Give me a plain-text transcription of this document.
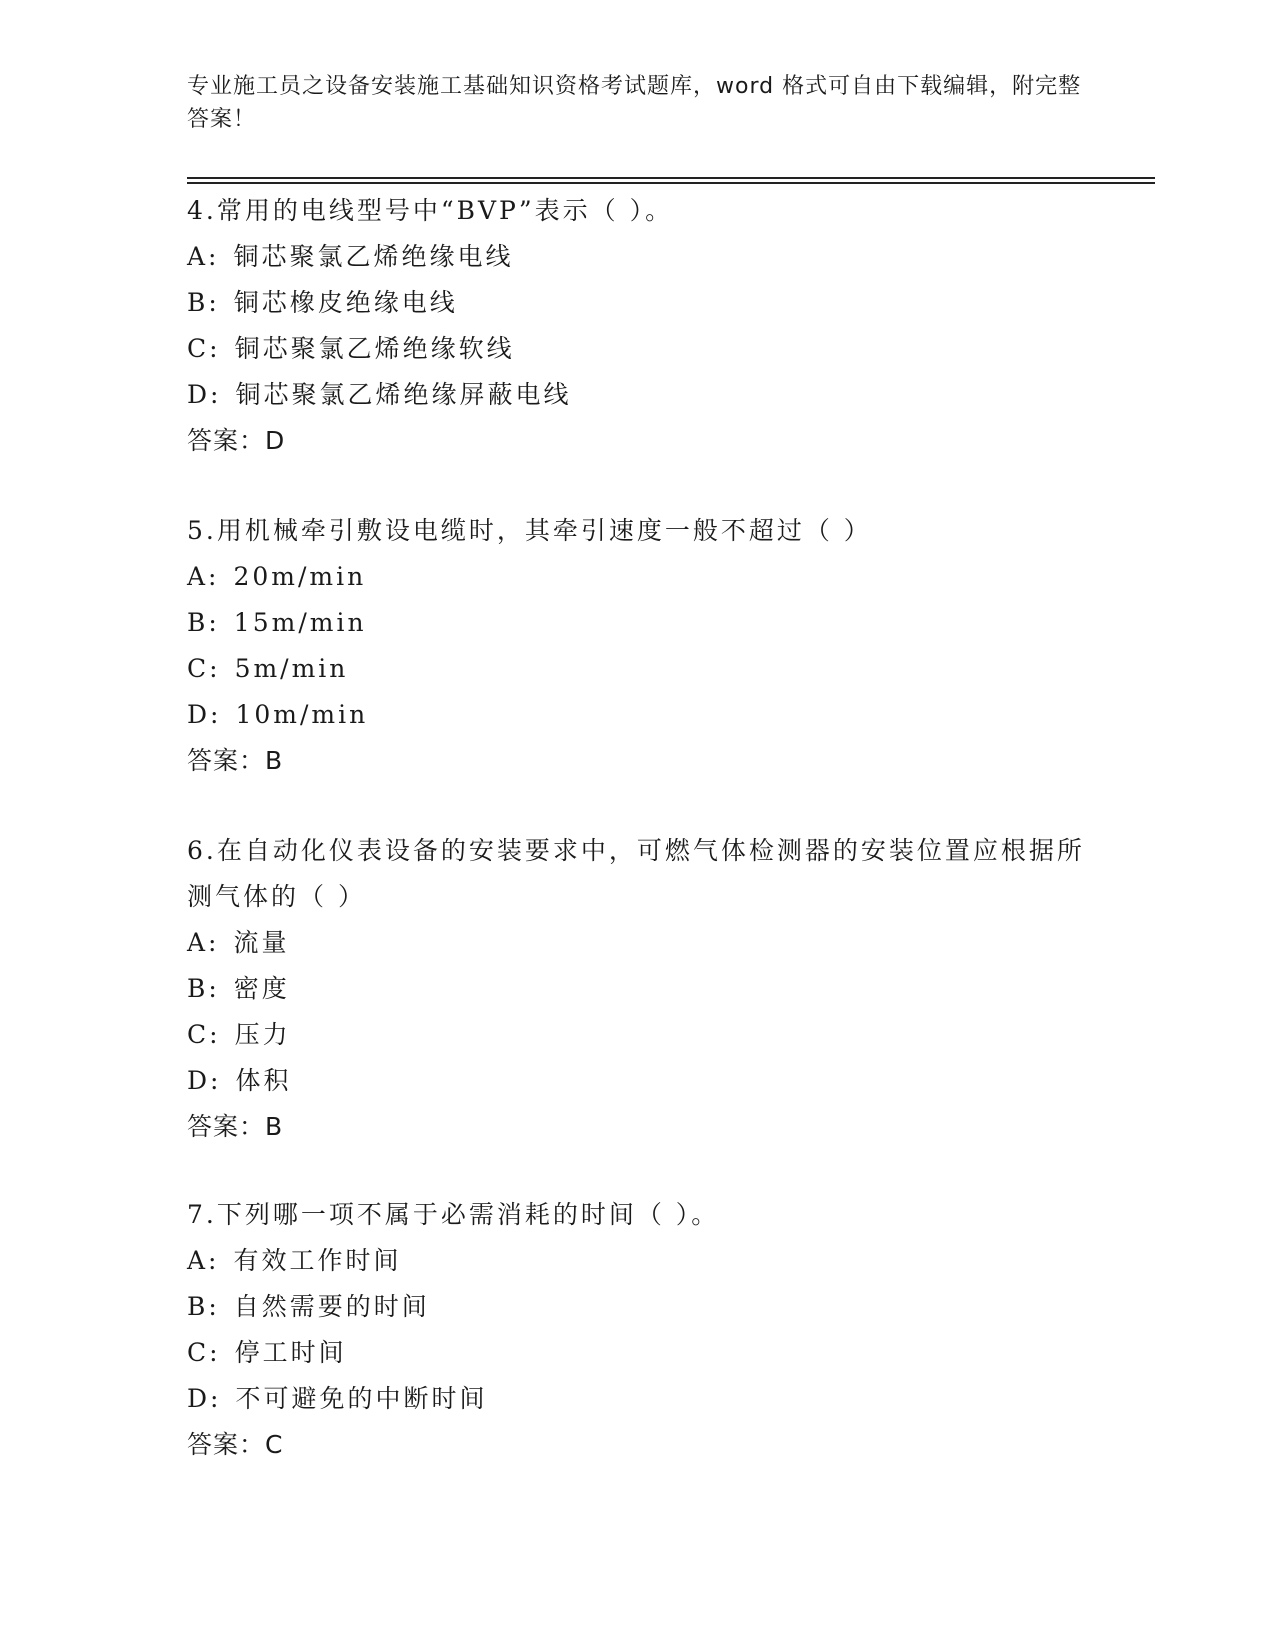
专业施工员之设备安装施工基础知识资格考试题库，word 格式可自由下载编辑，附完整答案！

4.常用的电线型号中“BVP”表示（ ）。

A: 铜芯聚氯乙烯绝缘电线
B: 铜芯橡皮绝缘电线
C: 铜芯聚氯乙烯绝缘软线
D: 铜芯聚氯乙烯绝缘屏蔽电线
答案：D

5.用机械牵引敷设电缆时，其牵引速度一般不超过（ ）

A: 20m/min
B: 15m/min
C: 5m/min
D: 10m/min
答案：B

6.在自动化仪表设备的安装要求中，可燃气体检测器的安装位置应根据所测气体的（ ）

A: 流量
B: 密度
C: 压力
D: 体积
答案：B

7.下列哪一项不属于必需消耗的时间（ ）。

A: 有效工作时间
B: 自然需要的时间
C: 停工时间
D: 不可避免的中断时间
答案：C
